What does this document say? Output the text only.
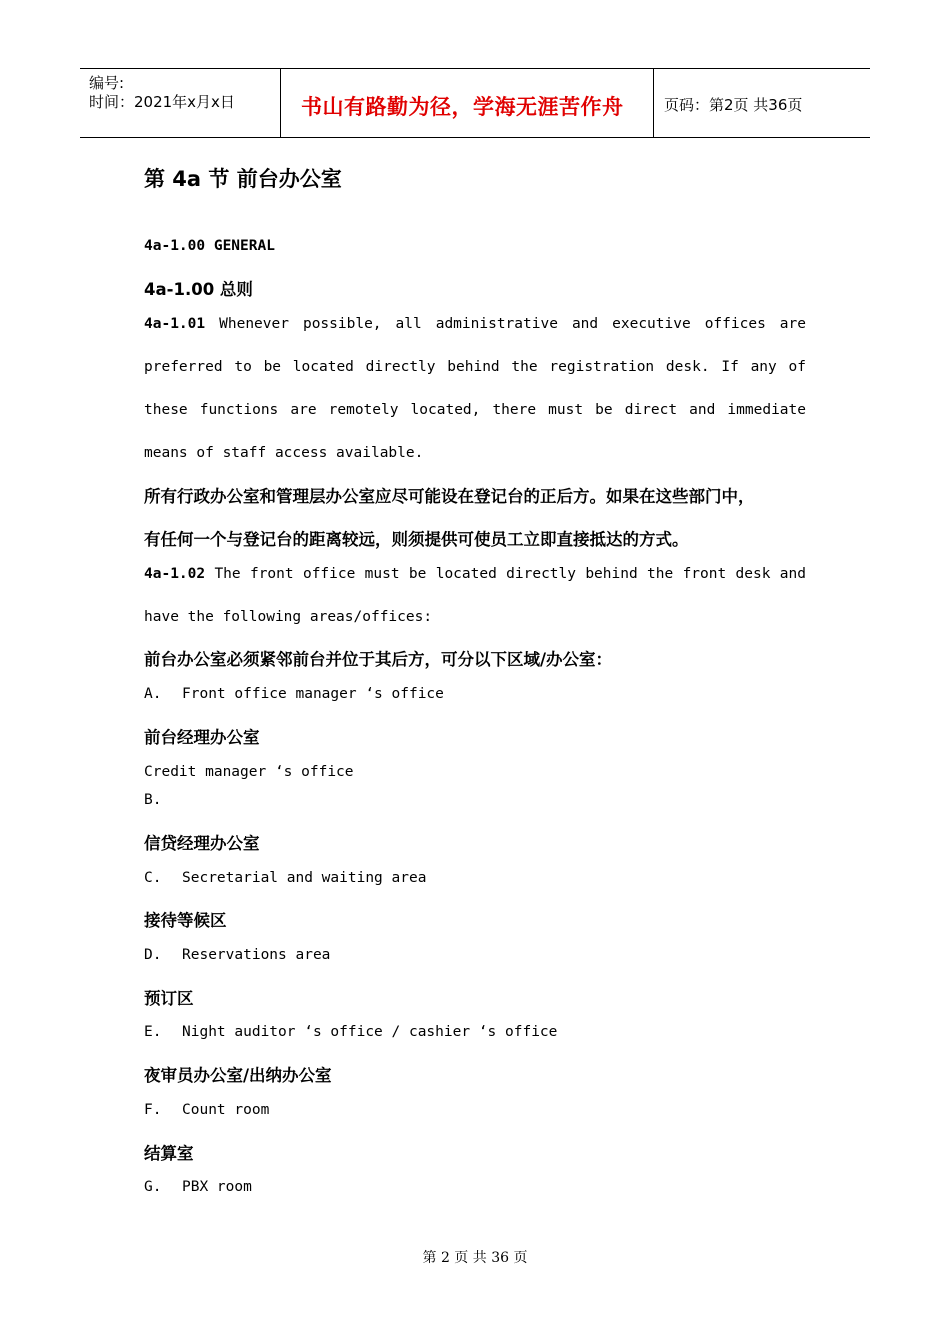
编号:
时间：2021年x月x日	书山有路勤为径，学海无涯苦作舟	页码：第2页 共36页
第 4a 节 前台办公室
4a-1.00 GENERAL
4a-1.00 总则
4a-1.01 Whenever possible, all administrative and executive offices are
preferred to be located directly behind the registration desk. If any of
these functions are remotely located, there must be direct and immediate
means of staff access available.
所有行政办公室和管理层办公室应尽可能设在登记台的正后方。如果在这些部门中，
有任何一个与登记台的距离较远，则须提供可使员工立即直接抵达的方式。
4a-1.02 The front office must be located directly behind the front desk and
have the following areas/offices:
前台办公室必须紧邻前台并位于其后方，可分以下区域/办公室：
A. Front office manager ‘s office
前台经理办公室
Credit manager ‘s office
B.
信贷经理办公室
C. Secretarial and waiting area
接待等候区
D. Reservations area
预订区
E. Night auditor ‘s office / cashier ‘s office
夜审员办公室/出纳办公室
F. Count room
结算室
G. PBX room
第 2 页 共 36 页
